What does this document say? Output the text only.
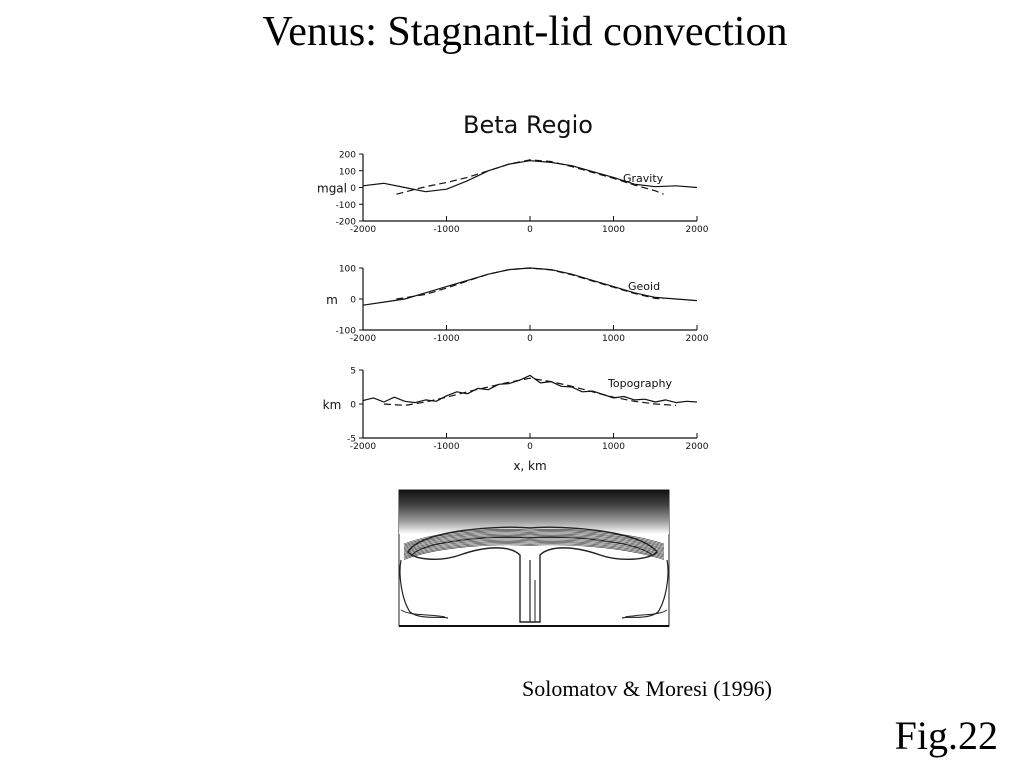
Venus: Stagnant-lid convection
Beta Regio
200
100
0
-100
-200
-2000	-1000	0	1000	2000
mgal
Gravity
100
0
-100
-2000	-1000	0	1000	2000
m
Geoid
5
0
-5
-2000	-1000	0	1000	2000
km
Topography
x, km
Solomatov & Moresi (1996)
Fig.22
